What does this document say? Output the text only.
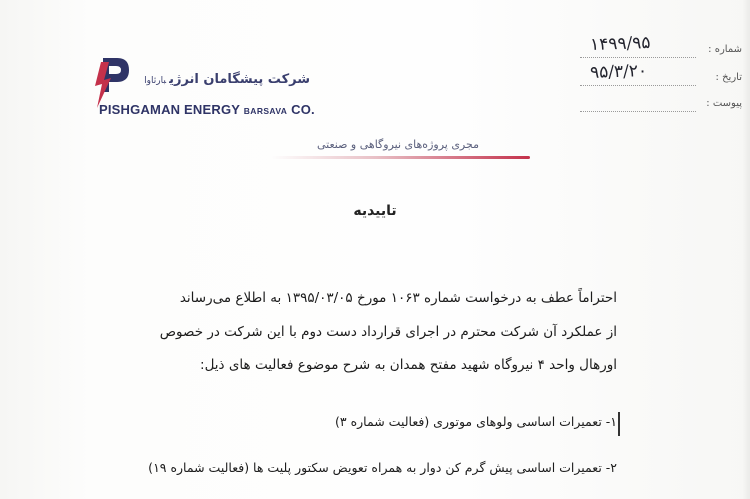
شرکت پیشگامان انرژیبارثاوا
PISHGAMAN ENERGY BARSAVA CO.
مجری پروژه‌های نیروگاهی و صنعتی
شماره :
۱۴۹۹/۹۵
تاریخ :
۹۵/۳/۲۰
پیوست :
تاییدیه
احتراماً عطف به درخواست شماره ۱۰۶۳ مورخ ۱۳۹۵/۰۳/۰۵ به اطلاع می‌رساند
از عملکرد آن شرکت محترم در اجرای قرارداد دست دوم با این شرکت در خصوص
اورهال واحد ۴ نیروگاه شهید مفتح همدان به شرح موضوع فعالیت های ذیل:
۱- تعمیرات اساسی ولوهای موتوری (فعالیت شماره ۳)
۲- تعمیرات اساسی پیش گرم کن دوار به همراه تعویض سکتور پلیت ها (فعالیت شماره ۱۹)
